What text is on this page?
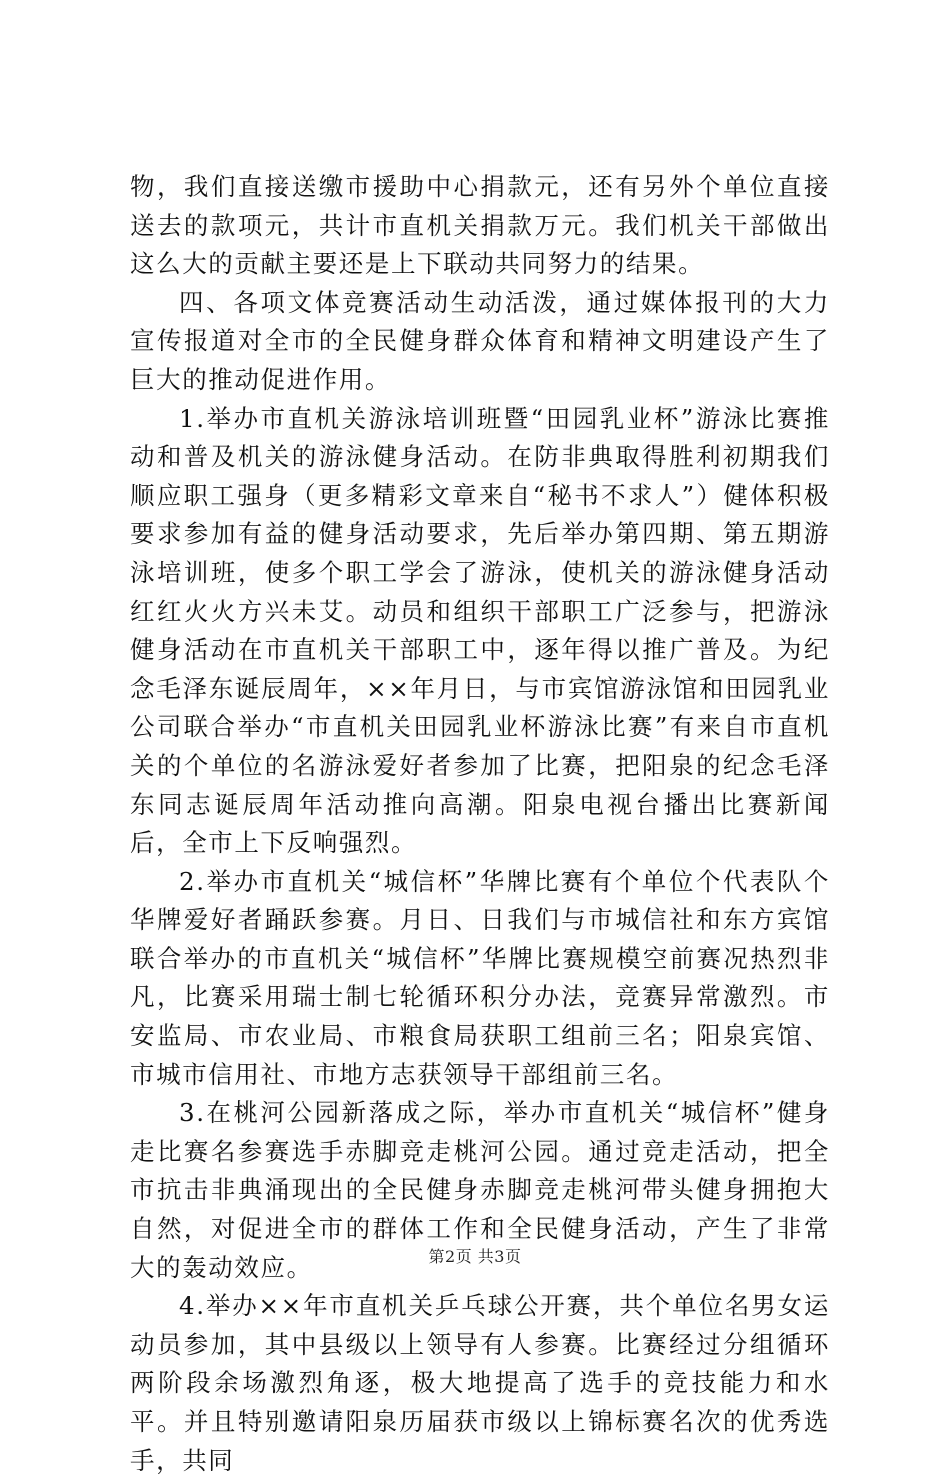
物，我们直接送缴市援助中心捐款元，还有另外个单位直接送去的款项元，共计市直机关捐款万元。我们机关干部做出这么大的贡献主要还是上下联动共同努力的结果。

四、各项文体竞赛活动生动活泼，通过媒体报刊的大力宣传报道对全市的全民健身群众体育和精神文明建设产生了巨大的推动促进作用。

1.举办市直机关游泳培训班暨“田园乳业杯”游泳比赛推动和普及机关的游泳健身活动。在防非典取得胜利初期我们顺应职工强身（更多精彩文章来自“秘书不求人”）健体积极要求参加有益的健身活动要求，先后举办第四期、第五期游泳培训班，使多个职工学会了游泳，使机关的游泳健身活动红红火火方兴未艾。动员和组织干部职工广泛参与，把游泳健身活动在市直机关干部职工中，逐年得以推广普及。为纪念毛泽东诞辰周年，××年月日，与市宾馆游泳馆和田园乳业公司联合举办“市直机关田园乳业杯游泳比赛”有来自市直机关的个单位的名游泳爱好者参加了比赛，把阳泉的纪念毛泽东同志诞辰周年活动推向高潮。阳泉电视台播出比赛新闻后，全市上下反响强烈。

2.举办市直机关“城信杯”华牌比赛有个单位个代表队个华牌爱好者踊跃参赛。月日、日我们与市城信社和东方宾馆联合举办的市直机关“城信杯”华牌比赛规模空前赛况热烈非凡，比赛采用瑞士制七轮循环积分办法，竞赛异常激烈。市安监局、市农业局、市粮食局获职工组前三名；阳泉宾馆、市城市信用社、市地方志获领导干部组前三名。

3.在桃河公园新落成之际，举办市直机关“城信杯”健身走比赛名参赛选手赤脚竞走桃河公园。通过竞走活动，把全市抗击非典涌现出的全民健身赤脚竞走桃河带头健身拥抱大自然，对促进全市的群体工作和全民健身活动，产生了非常大的轰动效应。

4.举办××年市直机关乒乓球公开赛，共个单位名男女运动员参加，其中县级以上领导有人参赛。比赛经过分组循环两阶段余场激烈角逐，极大地提高了选手的竞技能力和水平。并且特别邀请阳泉历届获市级以上锦标赛名次的优秀选手，共同

第2页 共3页
